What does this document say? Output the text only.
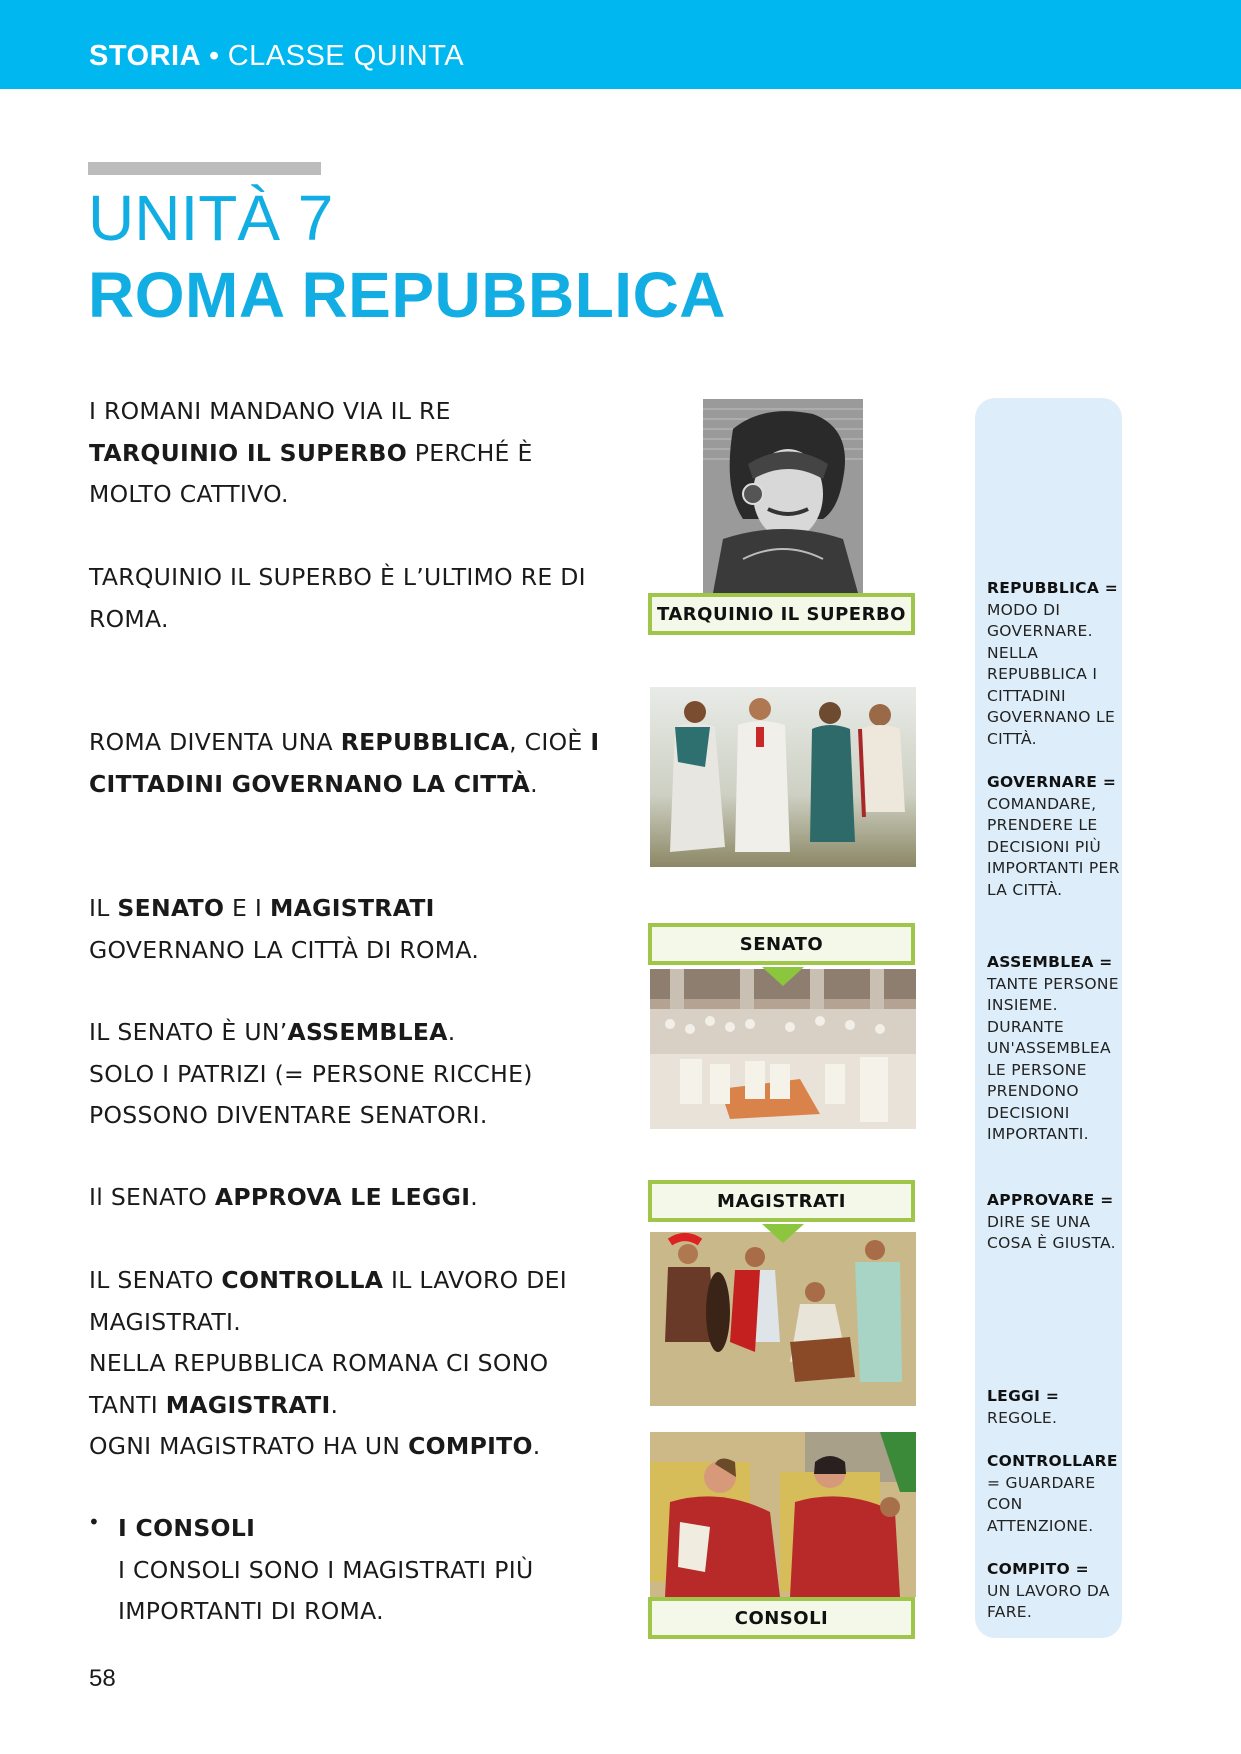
STORIA • CLASSE QUINTA
UNITÀ 7
ROMA REPUBBLICA
I ROMANI MANDANO VIA IL RE
TARQUINIO IL SUPERBO PERCHÉ È MOLTO CATTIVO.
TARQUINIO IL SUPERBO È L’ULTIMO RE DI ROMA.
ROMA DIVENTA UNA REPUBBLICA, CIOÈ I CITTADINI GOVERNANO LA CITTÀ.
IL SENATO E I MAGISTRATI
GOVERNANO LA CITTÀ DI ROMA.
IL SENATO È UN’ASSEMBLEA.
SOLO I PATRIZI (= PERSONE RICCHE) POSSONO DIVENTARE SENATORI.
Il SENATO APPROVA LE LEGGI.
IL SENATO CONTROLLA IL LAVORO DEI MAGISTRATI.
NELLA REPUBBLICA ROMANA CI SONO TANTI MAGISTRATI.
OGNI MAGISTRATO HA UN COMPITO.
• I CONSOLI
I CONSOLI SONO I MAGISTRATI PIÙ IMPORTANTI DI ROMA.
58
TARQUINIO IL SUPERBO
SENATO
MAGISTRATI
CONSOLI
REPUBBLICA =
MODO DI GOVERNARE. NELLA REPUBBLICA I CITTADINI GOVERNANO LE CITTÀ.
GOVERNARE =
COMANDARE, PRENDERE LE DECISIONI PIÙ IMPORTANTI PER LA CITTÀ.
ASSEMBLEA =
TANTE PERSONE INSIEME. DURANTE UN'ASSEMBLEA LE PERSONE PRENDONO DECISIONI IMPORTANTI.
APPROVARE =
DIRE SE UNA COSA È GIUSTA.
LEGGI =
REGOLE.
CONTROLLARE
= GUARDARE CON ATTENZIONE.
COMPITO =
UN LAVORO DA FARE.
